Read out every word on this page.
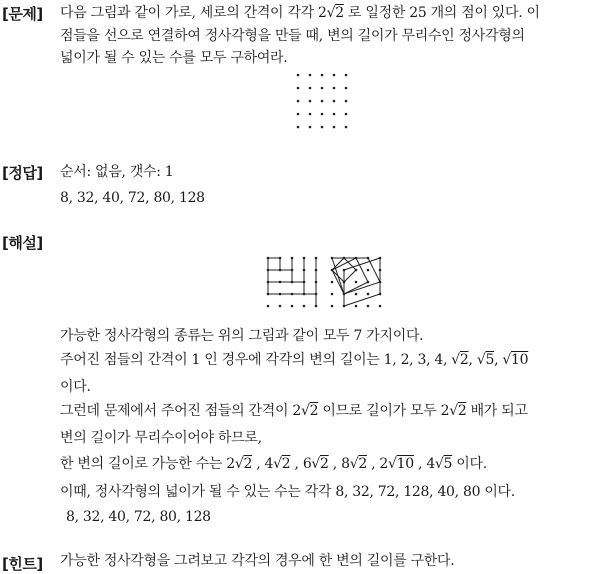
[문제] 다음 그림과 같이 가로, 세로의 간격이 각각 2√2 로 일정한 25 개의 점이 있다. 이
점들을 선으로 연결하여 정사각형을 만들 때, 변의 길이가 무리수인 정사각형의
넓이가 될 수 있는 수를 모두 구하여라.
[정답] 순서: 없음, 갯수: 1
8, 32, 40, 72, 80, 128
[해설]
가능한 정사각형의 종류는 위의 그림과 같이 모두 7 가지이다.
주어진 점들의 간격이 1 인 경우에 각각의 변의 길이는 1, 2, 3, 4, √2, √5, √10
이다.
그런데 문제에서 주어진 점들의 간격이 2√2 이므로 길이가 모두 2√2 배가 되고
변의 길이가 무리수이어야 하므로,
한 변의 길이로 가능한 수는 2√2 , 4√2 , 6√2 , 8√2 , 2√10 , 4√5 이다.
이때, 정사각형의 넓이가 될 수 있는 수는 각각 8, 32, 72, 128, 40, 80 이다.
8, 32, 40, 72, 80, 128
[힌트] 가능한 정사각형을 그려보고 각각의 경우에 한 변의 길이를 구한다.
